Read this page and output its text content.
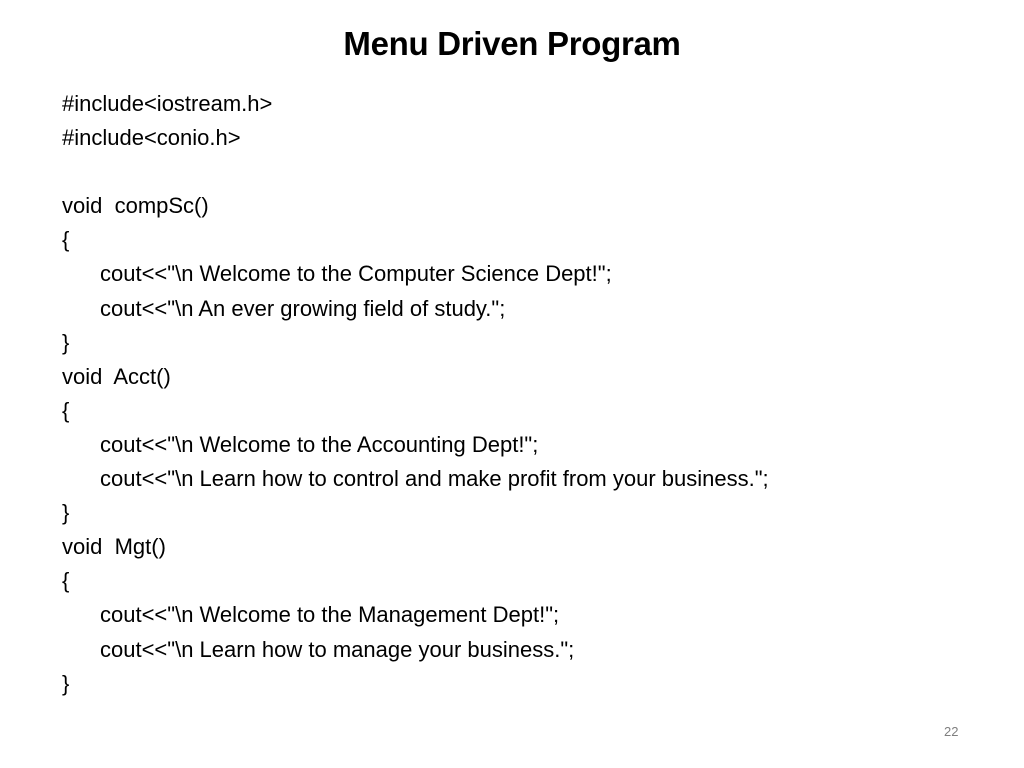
Menu Driven Program
#include<iostream.h>
#include<conio.h>
void  compSc()
{
cout<<"\n Welcome to the Computer Science Dept!";
cout<<"\n An ever growing field of study.";
}
void  Acct()
{
cout<<"\n Welcome to the Accounting Dept!";
cout<<"\n Learn how to control and make profit from your business.";
}
void  Mgt()
{
cout<<"\n Welcome to the Management Dept!";
cout<<"\n Learn how to manage your business.";
}
22
